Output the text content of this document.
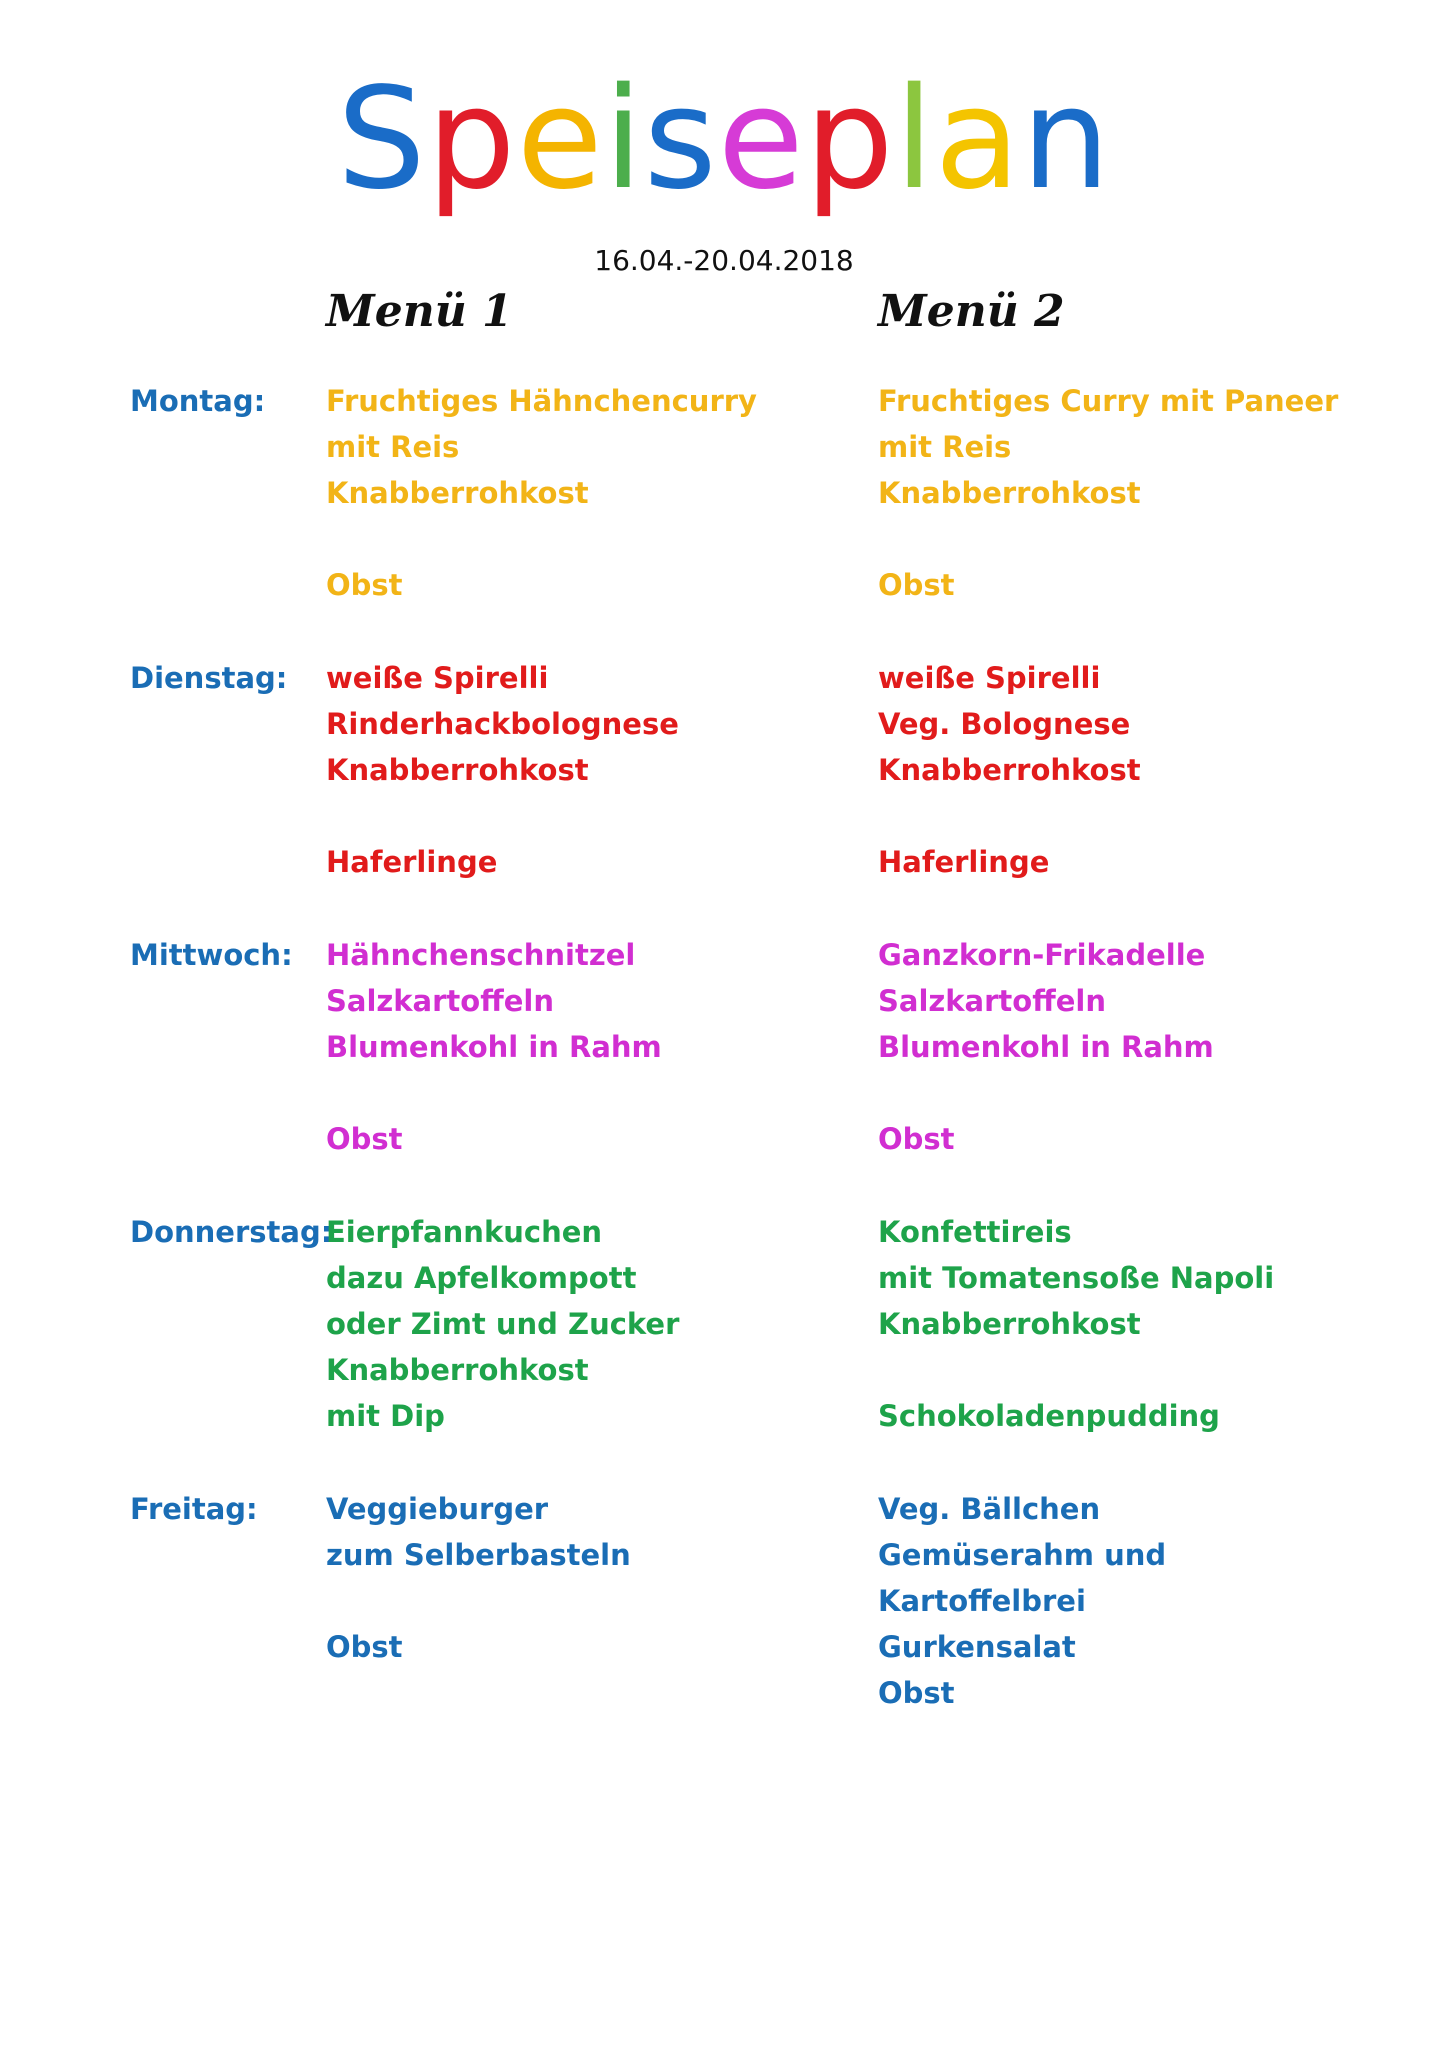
Speiseplan
16.04.-20.04.2018
Menü 1	Menü 2
Montag: Fruchtiges Hähnchencurry
mit Reis
Knabberrohkost
Obst
Fruchtiges Curry mit Paneer
mit Reis
Knabberrohkost
Obst
Dienstag: weiße Spirelli
Rinderhackbolognese
Knabberrohkost
Haferlinge
weiße Spirelli
Veg. Bolognese
Knabberrohkost
Haferlinge
Mittwoch: Hähnchenschnitzel
Salzkartoffeln
Blumenkohl in Rahm
Obst
Ganzkorn-Frikadelle
Salzkartoffeln
Blumenkohl in Rahm
Obst
Donnerstag:
Eierpfannkuchen
dazu Apfelkompott
oder Zimt und Zucker
Knabberrohkost
mit Dip
Konfettireis
mit Tomatensoße Napoli
Knabberrohkost
Schokoladenpudding
Freitag: Veggieburger
zum Selberbasteln
Obst
Veg. Bällchen
Gemüserahm und
Kartoffelbrei
Gurkensalat
Obst
